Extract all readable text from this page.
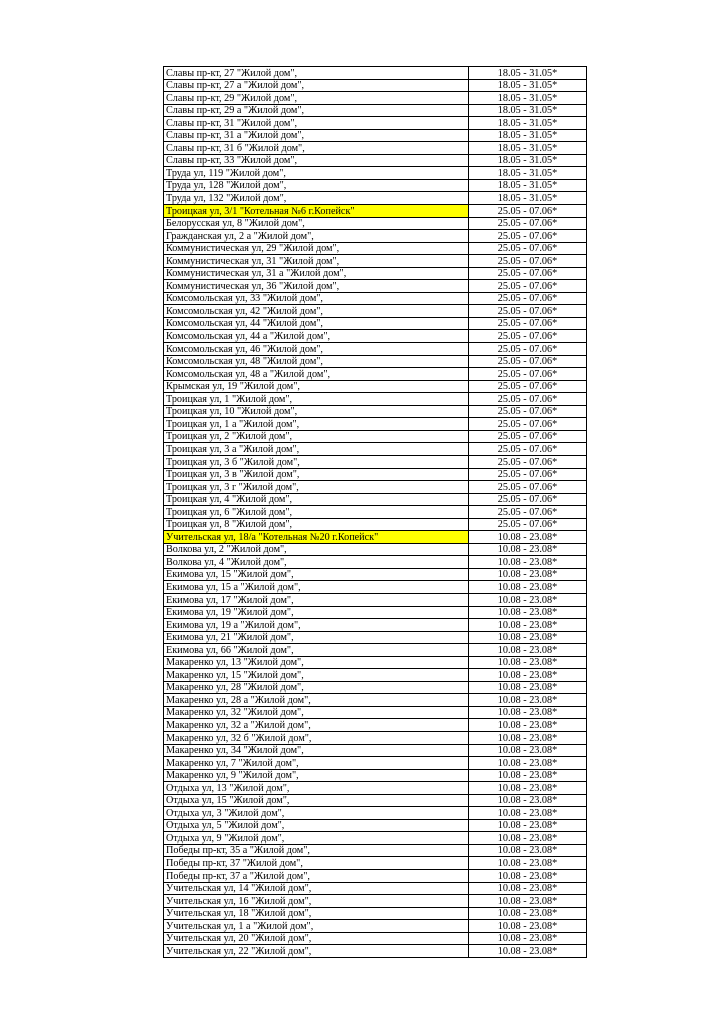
Славы пр-кт, 27 "Жилой дом",	18.05 - 31.05*
Славы пр-кт, 27 а "Жилой дом",	18.05 - 31.05*
Славы пр-кт, 29 "Жилой дом",	18.05 - 31.05*
Славы пр-кт, 29 а "Жилой дом",	18.05 - 31.05*
Славы пр-кт, 31 "Жилой дом",	18.05 - 31.05*
Славы пр-кт, 31 а "Жилой дом",	18.05 - 31.05*
Славы пр-кт, 31 б "Жилой дом",	18.05 - 31.05*
Славы пр-кт, 33 "Жилой дом",	18.05 - 31.05*
Труда ул, 119 "Жилой дом",	18.05 - 31.05*
Труда ул, 128 "Жилой дом",	18.05 - 31.05*
Труда ул, 132 "Жилой дом",	18.05 - 31.05*
Троицкая ул, 3/1 "Котельная №6 г.Копейск"	25.05 - 07.06*
Белорусская ул, 8 "Жилой дом",	25.05 - 07.06*
Гражданская ул, 2 а "Жилой дом",	25.05 - 07.06*
Коммунистическая ул, 29 "Жилой дом",	25.05 - 07.06*
Коммунистическая ул, 31 "Жилой дом",	25.05 - 07.06*
Коммунистическая ул, 31 а "Жилой дом",	25.05 - 07.06*
Коммунистическая ул, 36 "Жилой дом",	25.05 - 07.06*
Комсомольская ул, 33 "Жилой дом",	25.05 - 07.06*
Комсомольская ул, 42 "Жилой дом",	25.05 - 07.06*
Комсомольская ул, 44 "Жилой дом",	25.05 - 07.06*
Комсомольская ул, 44 а "Жилой дом",	25.05 - 07.06*
Комсомольская ул, 46 "Жилой дом",	25.05 - 07.06*
Комсомольская ул, 48 "Жилой дом",	25.05 - 07.06*
Комсомольская ул, 48 а "Жилой дом",	25.05 - 07.06*
Крымская ул, 19 "Жилой дом",	25.05 - 07.06*
Троицкая ул, 1 "Жилой дом",	25.05 - 07.06*
Троицкая ул, 10 "Жилой дом",	25.05 - 07.06*
Троицкая ул, 1 а "Жилой дом",	25.05 - 07.06*
Троицкая ул, 2 "Жилой дом",	25.05 - 07.06*
Троицкая ул, 3 а "Жилой дом",	25.05 - 07.06*
Троицкая ул, 3 б "Жилой дом",	25.05 - 07.06*
Троицкая ул, 3 в "Жилой дом",	25.05 - 07.06*
Троицкая ул, 3 г "Жилой дом",	25.05 - 07.06*
Троицкая ул, 4 "Жилой дом",	25.05 - 07.06*
Троицкая ул, 6 "Жилой дом",	25.05 - 07.06*
Троицкая ул, 8 "Жилой дом",	25.05 - 07.06*
Учительская ул, 18/а "Котельная №20 г.Копейск"	10.08 - 23.08*
Волкова ул, 2 "Жилой дом",	10.08 - 23.08*
Волкова ул, 4 "Жилой дом",	10.08 - 23.08*
Екимова ул, 15 "Жилой дом",	10.08 - 23.08*
Екимова ул, 15 а "Жилой дом",	10.08 - 23.08*
Екимова ул, 17 "Жилой дом",	10.08 - 23.08*
Екимова ул, 19 "Жилой дом",	10.08 - 23.08*
Екимова ул, 19 а "Жилой дом",	10.08 - 23.08*
Екимова ул, 21 "Жилой дом",	10.08 - 23.08*
Екимова ул, 66 "Жилой дом",	10.08 - 23.08*
Макаренко ул, 13 "Жилой дом",	10.08 - 23.08*
Макаренко ул, 15 "Жилой дом",	10.08 - 23.08*
Макаренко ул, 28 "Жилой дом",	10.08 - 23.08*
Макаренко ул, 28 а "Жилой дом",	10.08 - 23.08*
Макаренко ул, 32 "Жилой дом",	10.08 - 23.08*
Макаренко ул, 32 а "Жилой дом",	10.08 - 23.08*
Макаренко ул, 32 б "Жилой дом",	10.08 - 23.08*
Макаренко ул, 34 "Жилой дом",	10.08 - 23.08*
Макаренко ул, 7 "Жилой дом",	10.08 - 23.08*
Макаренко ул, 9 "Жилой дом",	10.08 - 23.08*
Отдыха ул, 13 "Жилой дом",	10.08 - 23.08*
Отдыха ул, 15 "Жилой дом",	10.08 - 23.08*
Отдыха ул, 3 "Жилой дом",	10.08 - 23.08*
Отдыха ул, 5 "Жилой дом",	10.08 - 23.08*
Отдыха ул, 9 "Жилой дом",	10.08 - 23.08*
Победы пр-кт, 35 а "Жилой дом",	10.08 - 23.08*
Победы пр-кт, 37 "Жилой дом",	10.08 - 23.08*
Победы пр-кт, 37 а "Жилой дом",	10.08 - 23.08*
Учительская ул, 14 "Жилой дом",	10.08 - 23.08*
Учительская ул, 16 "Жилой дом",	10.08 - 23.08*
Учительская ул, 18 "Жилой дом",	10.08 - 23.08*
Учительская ул, 1 а "Жилой дом",	10.08 - 23.08*
Учительская ул, 20 "Жилой дом",	10.08 - 23.08*
Учительская ул, 22 "Жилой дом",	10.08 - 23.08*
